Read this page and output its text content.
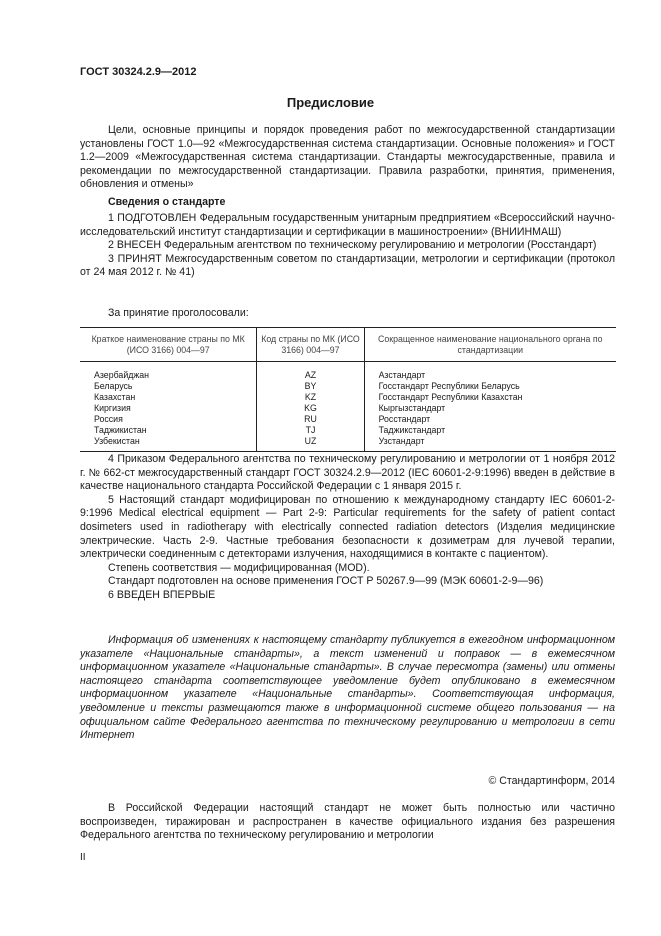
ГОСТ 30324.2.9—2012
Предисловие

Цели, основные принципы и порядок проведения работ по межгосударственной стандартизации установлены ГОСТ 1.0—92 «Межгосударственная система стандартизации. Основные положения» и ГОСТ 1.2—2009 «Межгосударственная система стандартизации. Стандарты межгосударственные, правила и рекомендации по межгосударственной стандартизации. Правила разработки, принятия, применения, обновления и отмены»

Сведения о стандарте

1 ПОДГОТОВЛЕН Федеральным государственным унитарным предприятием «Всероссийский научно-исследовательский институт стандартизации и сертификации в машиностроении» (ВНИИНМАШ)

2 ВНЕСЕН Федеральным агентством по техническому регулированию и метрологии (Росстандарт)

3 ПРИНЯТ Межгосударственным советом по стандартизации, метрологии и сертификации (протокол от 24 мая 2012 г. № 41)

За принятие проголосовали:
Краткое наименование страны по МК (ИСО 3166) 004—97	Код страны по МК (ИСО 3166) 004—97	Сокращенное наименование национального органа по стандартизации
Азербайджан	AZ	Азстандарт
Беларусь	BY	Госстандарт Республики Беларусь
Казахстан	KZ	Госстандарт Республики Казахстан
Киргизия	KG	Кыргызстандарт
Россия	RU	Росстандарт
Таджикистан	TJ	Таджикстандарт
Узбекистан	UZ	Узстандарт

4 Приказом Федерального агентства по техническому регулированию и метрологии от 1 ноября 2012 г. № 662-ст межгосударственный стандарт ГОСТ 30324.2.9—2012 (IEC 60601-2-9:1996) введен в действие в качестве национального стандарта Российской Федерации с 1 января 2015 г.

5 Настоящий стандарт модифицирован по отношению к международному стандарту IEC 60601-2-9:1996 Medical electrical equipment — Part 2-9: Particular requirements for the safety of patient contact dosimeters used in radiotherapy with electrically connected radiation detectors (Изделия медицинские электрические. Часть 2-9. Частные требования безопасности к дозиметрам для лучевой терапии, электрически соединенным с детекторами излучения, находящимися в контакте с пациентом).

Степень соответствия — модифицированная (MOD).

Стандарт подготовлен на основе применения ГОСТ Р 50267.9—99 (МЭК 60601-2-9—96)

6 ВВЕДЕН ВПЕРВЫЕ

Информация об изменениях к настоящему стандарту публикуется в ежегодном информационном указателе «Национальные стандарты», а текст изменений и поправок — в ежемесячном информационном указателе «Национальные стандарты». В случае пересмотра (замены) или отмены настоящего стандарта соответствующее уведомление будет опубликовано в ежемесячном информационном указателе «Национальные стандарты». Соответствующая информация, уведомление и тексты размещаются также в информационной системе общего пользования — на официальном сайте Федерального агентства по техническому регулированию и метрологии в сети Интернет

© Стандартинформ, 2014

В Российской Федерации настоящий стандарт не может быть полностью или частично воспроизведен, тиражирован и распространен в качестве официального издания без разрешения Федерального агентства по техническому регулированию и метрологии

II
